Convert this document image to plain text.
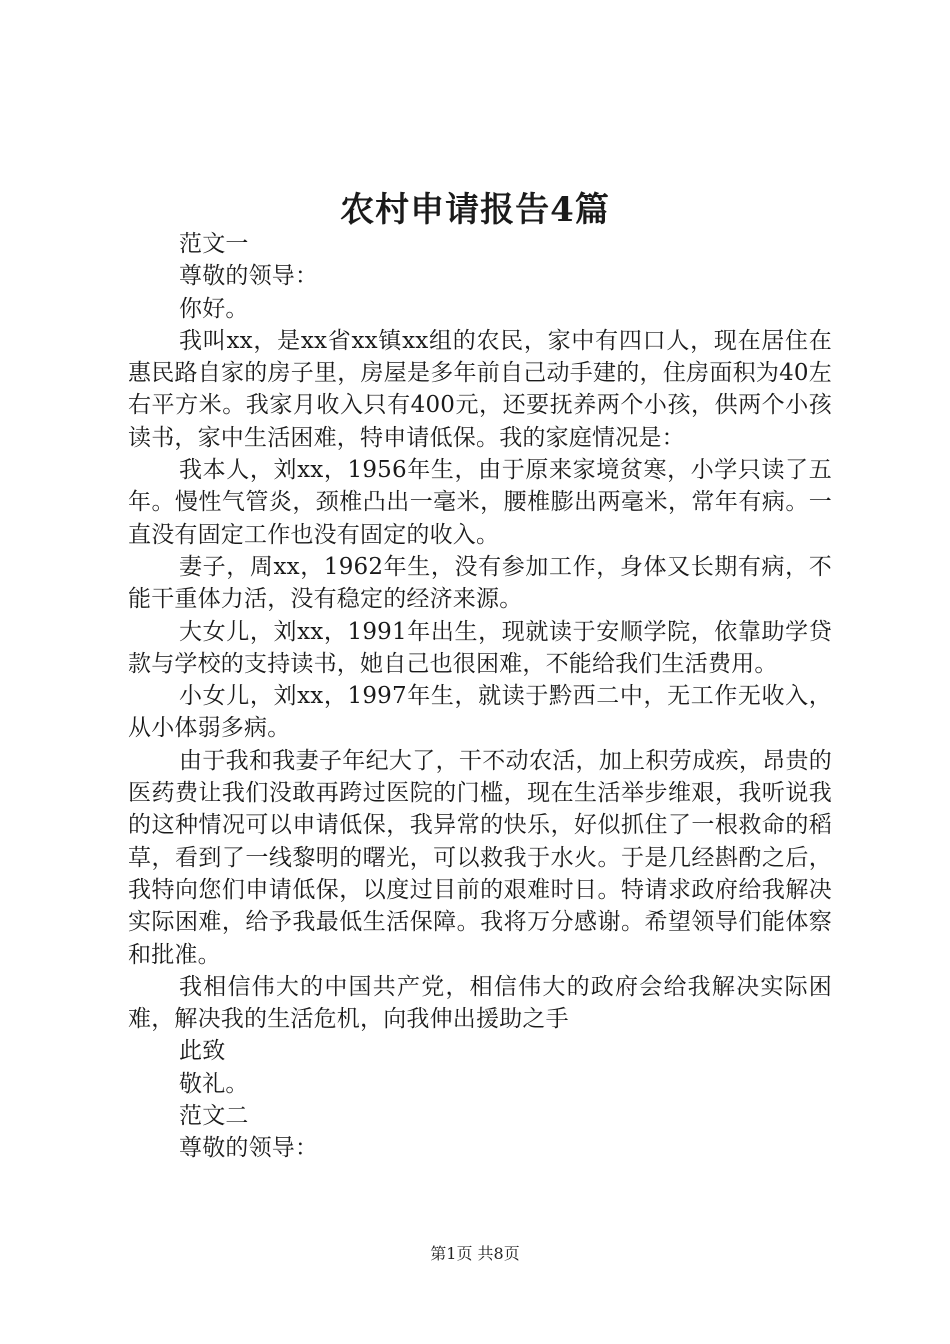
农村申请报告4篇

范文一

尊敬的领导：

你好。

我叫xx，是xx省xx镇xx组的农民，家中有四口人，现在居住在惠民路自家的房子里，房屋是多年前自己动手建的，住房面积为40左右平方米。我家月收入只有400元，还要抚养两个小孩，供两个小孩读书，家中生活困难，特申请低保。我的家庭情况是：

我本人，刘xx，1956年生，由于原来家境贫寒，小学只读了五年。慢性气管炎，颈椎凸出一毫米，腰椎膨出两毫米，常年有病。一直没有固定工作也没有固定的收入。

妻子，周xx，1962年生，没有参加工作，身体又长期有病，不能干重体力活，没有稳定的经济来源。

大女儿，刘xx，1991年出生，现就读于安顺学院，依靠助学贷款与学校的支持读书，她自己也很困难，不能给我们生活费用。

小女儿，刘xx，1997年生，就读于黔西二中，无工作无收入，从小体弱多病。

由于我和我妻子年纪大了，干不动农活，加上积劳成疾，昂贵的医药费让我们没敢再跨过医院的门槛，现在生活举步维艰，我听说我的这种情况可以申请低保，我异常的快乐，好似抓住了一根救命的稻草，看到了一线黎明的曙光，可以救我于水火。于是几经斟酌之后，我特向您们申请低保，以度过目前的艰难时日。特请求政府给我解决实际困难，给予我最低生活保障。我将万分感谢。希望领导们能体察和批准。

我相信伟大的中国共产党，相信伟大的政府会给我解决实际困难，解决我的生活危机，向我伸出援助之手

此致

敬礼。

范文二

尊敬的领导：

第1页 共8页
